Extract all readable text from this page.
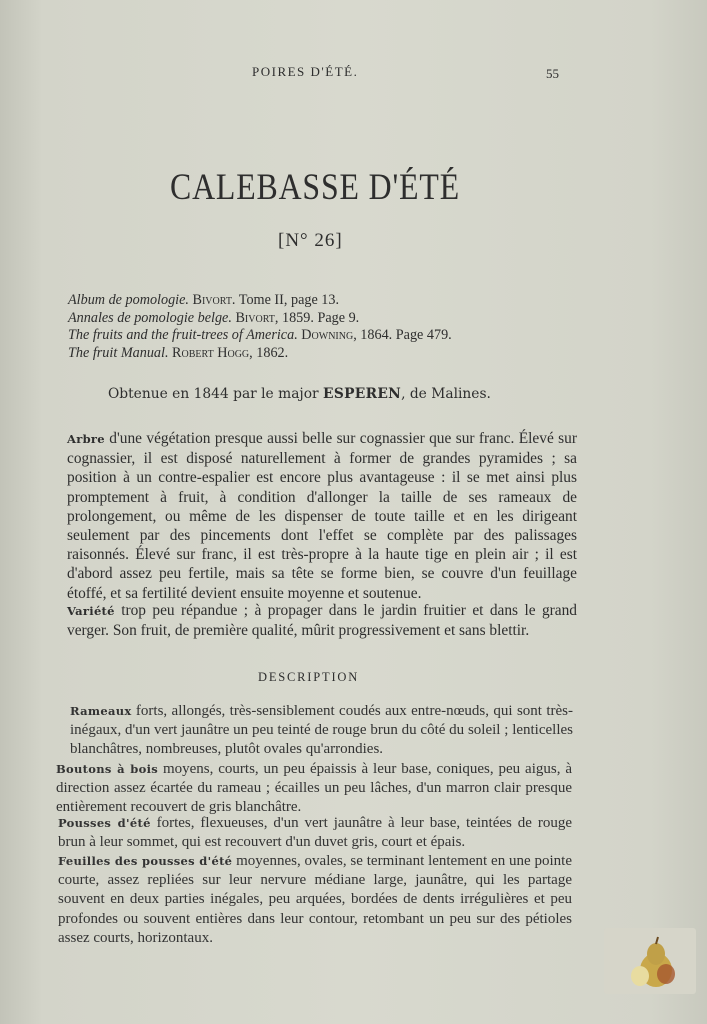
POIRES D'ÉTÉ.	55
CALEBASSE D'ÉTÉ
[N° 26]
Album de pomologie. Bivort. Tome II, page 13.
Annales de pomologie belge. Bivort, 1859. Page 9.
The fruits and the fruit-trees of America. Downing, 1864. Page 479.
The fruit Manual. Robert Hogg, 1862.
Obtenue en 1844 par le major ESPEREN, de Malines.
Arbre d'une végétation presque aussi belle sur cognassier que sur franc. Élevé sur cognassier, il est disposé naturellement à former de grandes pyramides ; sa position à un contre-espalier est encore plus avantageuse : il se met ainsi plus promptement à fruit, à condition d'allonger la taille de ses rameaux de prolongement, ou même de les dispenser de toute taille et en les dirigeant seulement par des pincements dont l'effet se complète par des palissages raisonnés. Élevé sur franc, il est très-propre à la haute tige en plein air ; il est d'abord assez peu fertile, mais sa tête se forme bien, se couvre d'un feuillage étoffé, et sa fertilité devient ensuite moyenne et soutenue.
Variété trop peu répandue ; à propager dans le jardin fruitier et dans le grand verger. Son fruit, de première qualité, mûrit progressivement et sans blettir.
DESCRIPTION
Rameaux forts, allongés, très-sensiblement coudés aux entre-nœuds, qui sont très-inégaux, d'un vert jaunâtre un peu teinté de rouge brun du côté du soleil ; lenticelles blanchâtres, nombreuses, plutôt ovales qu'arrondies.
Boutons à bois moyens, courts, un peu épaissis à leur base, coniques, peu aigus, à direction assez écartée du rameau ; écailles un peu lâches, d'un marron clair presque entièrement recouvert de gris blanchâtre.
Pousses d'été fortes, flexueuses, d'un vert jaunâtre à leur base, teintées de rouge brun à leur sommet, qui est recouvert d'un duvet gris, court et épais.
Feuilles des pousses d'été moyennes, ovales, se terminant lentement en une pointe courte, assez repliées sur leur nervure médiane large, jaunâtre, qui les partage souvent en deux parties inégales, peu arquées, bordées de dents irrégulières et peu profondes ou souvent entières dans leur contour, retombant un peu sur des pétioles assez courts, horizontaux.
